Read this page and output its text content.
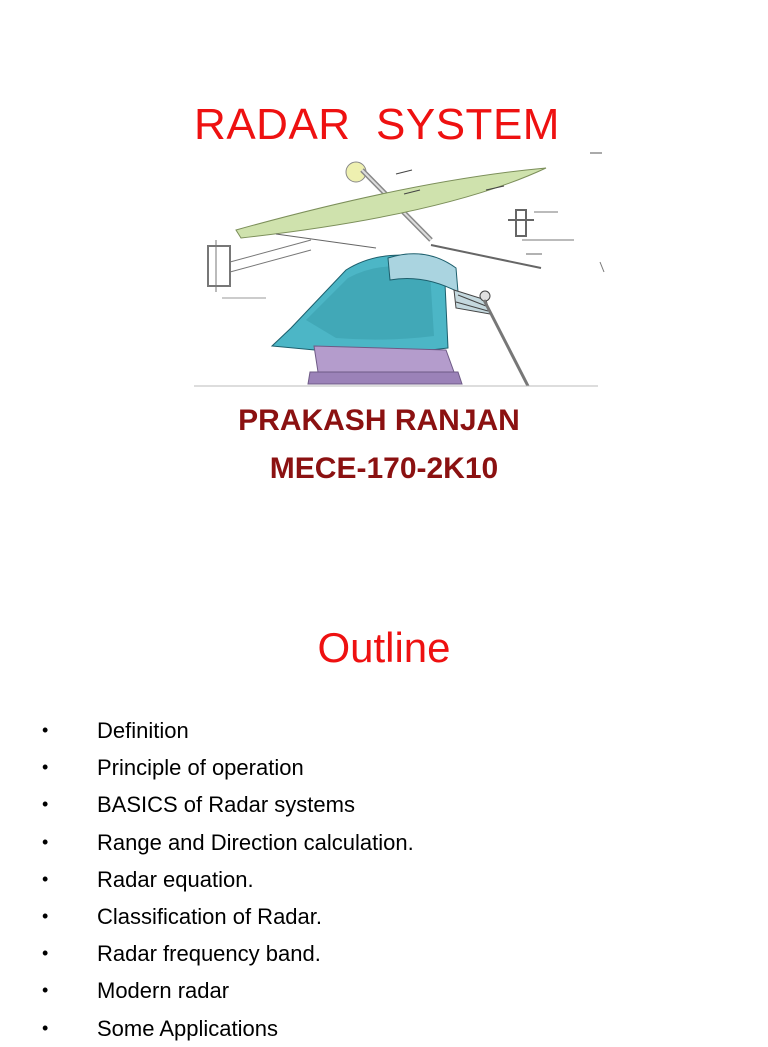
RADAR  SYSTEM
PRAKASH RANJAN
MECE-170-2K10
Outline
• Definition
• Principle of operation
• BASICS of Radar systems
• Range and Direction calculation.
• Radar equation.
• Classification of Radar.
• Radar frequency band.
• Modern radar
• Some Applications
